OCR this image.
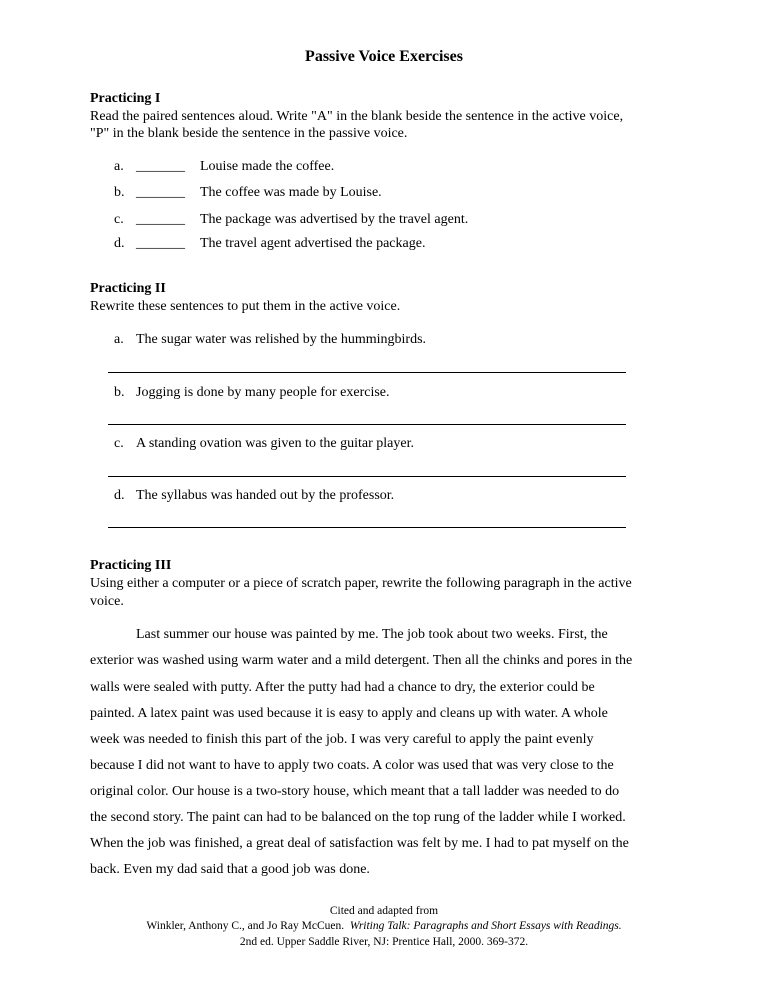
Passive Voice Exercises
Practicing I
Read the paired sentences aloud. Write "A" in the blank beside the sentence in the active voice,
"P" in the blank beside the sentence in the passive voice.
a. _______ Louise made the coffee.
b. _______ The coffee was made by Louise.
c. _______ The package was advertised by the travel agent.
d. _______ The travel agent advertised the package.
Practicing II
Rewrite these sentences to put them in the active voice.
a. The sugar water was relished by the hummingbirds.
b. Jogging is done by many people for exercise.
c. A standing ovation was given to the guitar player.
d. The syllabus was handed out by the professor.
Practicing III
Using either a computer or a piece of scratch paper, rewrite the following paragraph in the active
voice.
Last summer our house was painted by me. The job took about two weeks. First, the
exterior was washed using warm water and a mild detergent. Then all the chinks and pores in the
walls were sealed with putty. After the putty had had a chance to dry, the exterior could be
painted. A latex paint was used because it is easy to apply and cleans up with water. A whole
week was needed to finish this part of the job. I was very careful to apply the paint evenly
because I did not want to have to apply two coats. A color was used that was very close to the
original color. Our house is a two-story house, which meant that a tall ladder was needed to do
the second story. The paint can had to be balanced on the top rung of the ladder while I worked.
When the job was finished, a great deal of satisfaction was felt by me. I had to pat myself on the
back. Even my dad said that a good job was done.
Cited and adapted from
Winkler, Anthony C., and Jo Ray McCuen. Writing Talk: Paragraphs and Short Essays with Readings.
2nd ed. Upper Saddle River, NJ: Prentice Hall, 2000. 369-372.
